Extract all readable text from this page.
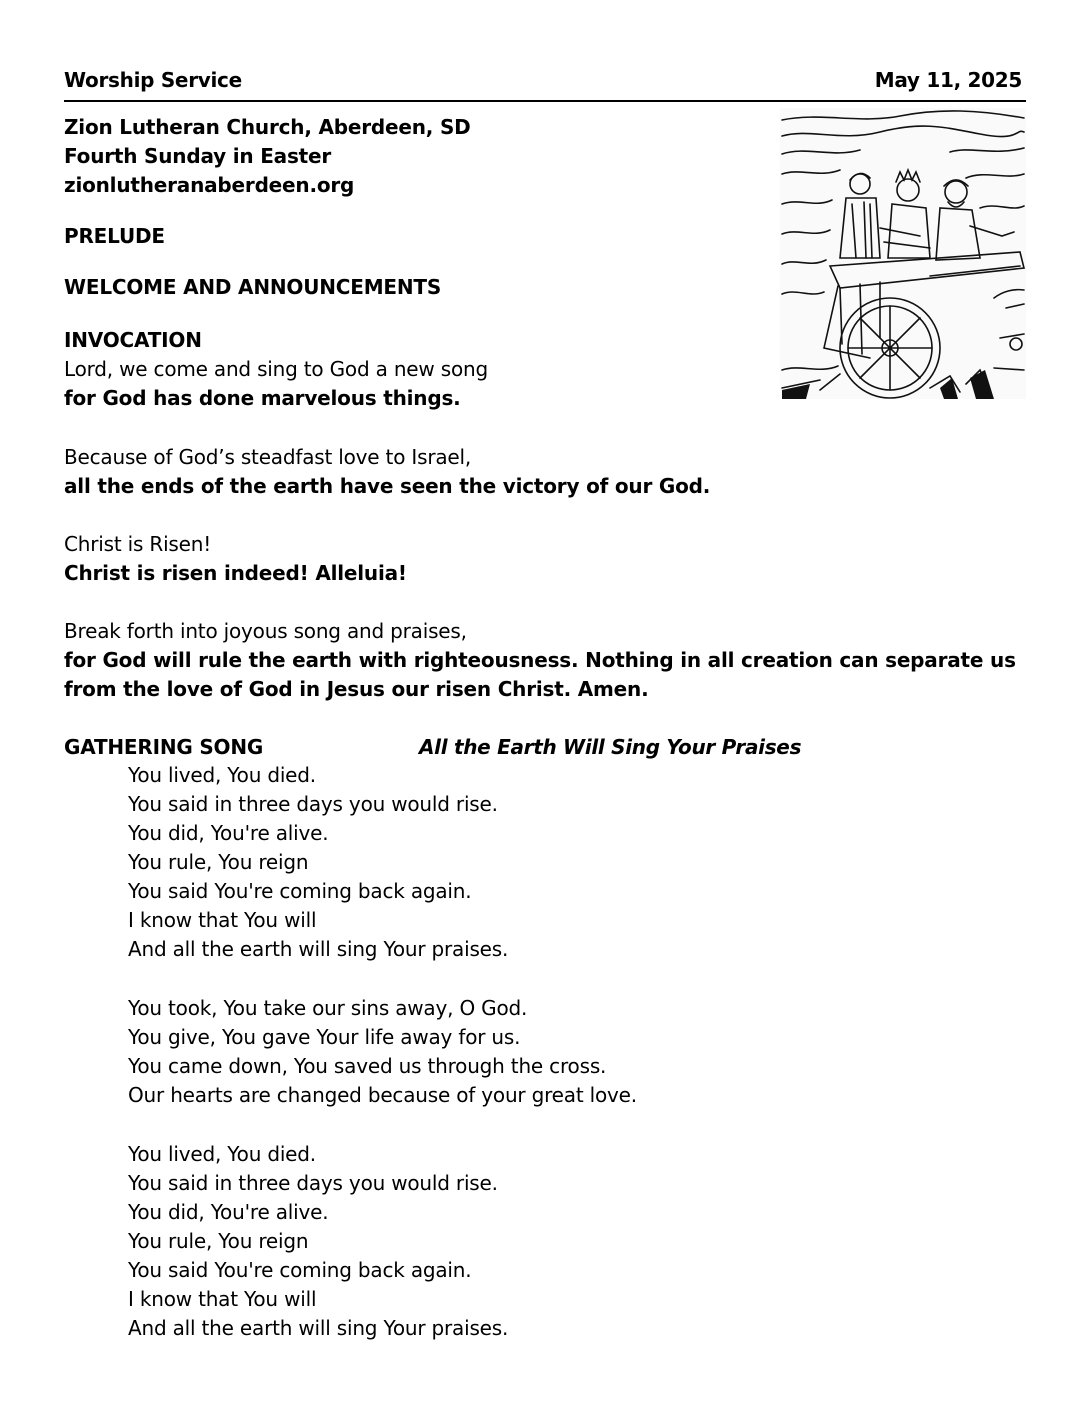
Worship Service	May 11, 2025
Zion Lutheran Church, Aberdeen, SD
Fourth Sunday in Easter
zionlutheranaberdeen.org
PRELUDE
WELCOME AND ANNOUNCEMENTS
INVOCATION
Lord, we come and sing to God a new song
for God has done marvelous things.
Because of God’s steadfast love to Israel,
all the ends of the earth have seen the victory of our God.
Christ is Risen!
Christ is risen indeed! Alleluia!
Break forth into joyous song and praises,
for God will rule the earth with righteousness. Nothing in all creation can separate us
from the love of God in Jesus our risen Christ. Amen.
GATHERING SONG	All the Earth Will Sing Your Praises
You lived, You died.
You said in three days you would rise.
You did, You're alive.
You rule, You reign
You said You're coming back again.
I know that You will
And all the earth will sing Your praises.
You took, You take our sins away, O God.
You give, You gave Your life away for us.
You came down, You saved us through the cross.
Our hearts are changed because of your great love.
You lived, You died.
You said in three days you would rise.
You did, You're alive.
You rule, You reign
You said You're coming back again.
I know that You will
And all the earth will sing Your praises.
